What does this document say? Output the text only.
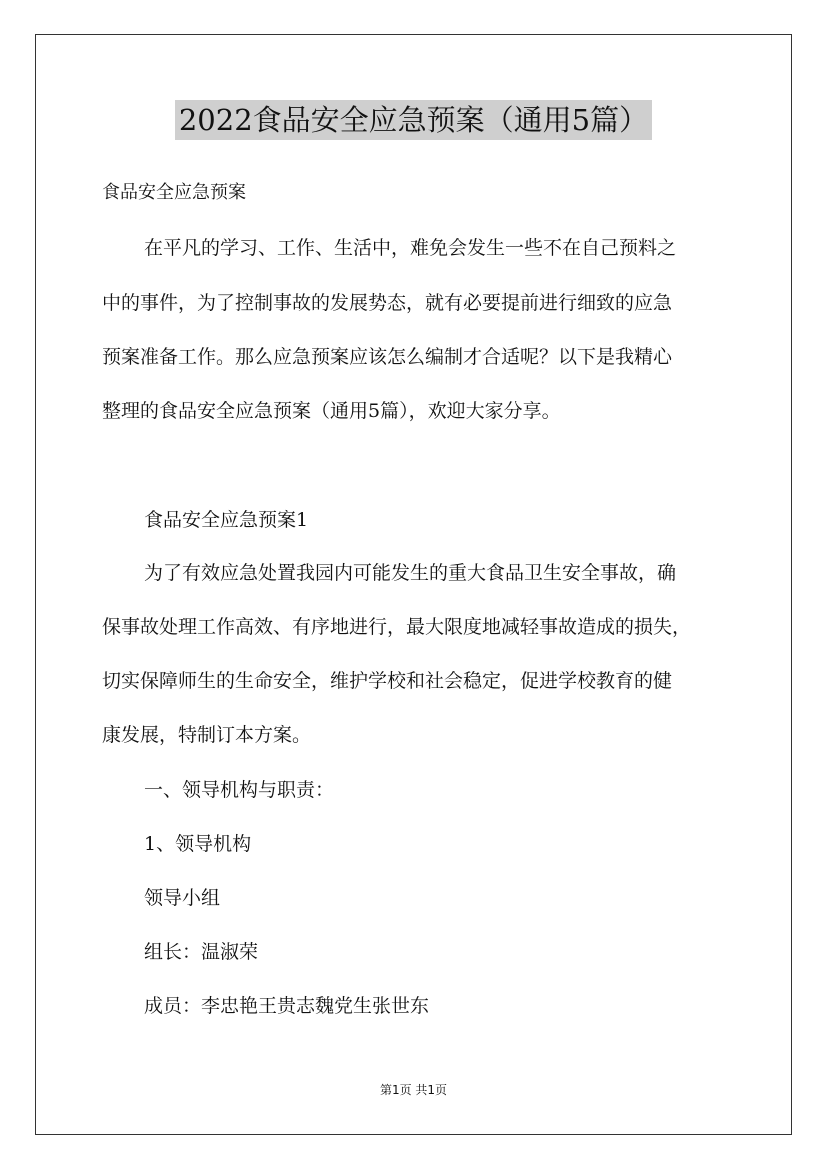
2022食品安全应急预案（通用5篇）
食品安全应急预案
在平凡的学习、工作、生活中，难免会发生一些不在自己预料之
中的事件，为了控制事故的发展势态，就有必要提前进行细致的应急
预案准备工作。那么应急预案应该怎么编制才合适呢？以下是我精心
整理的食品安全应急预案（通用5篇），欢迎大家分享。
食品安全应急预案1
为了有效应急处置我园内可能发生的重大食品卫生安全事故，确
保事故处理工作高效、有序地进行，最大限度地减轻事故造成的损失，
切实保障师生的生命安全，维护学校和社会稳定，促进学校教育的健
康发展，特制订本方案。
一、领导机构与职责：
1、领导机构
领导小组
组长：温淑荣
成员：李忠艳王贵志魏党生张世东
第1页 共1页
